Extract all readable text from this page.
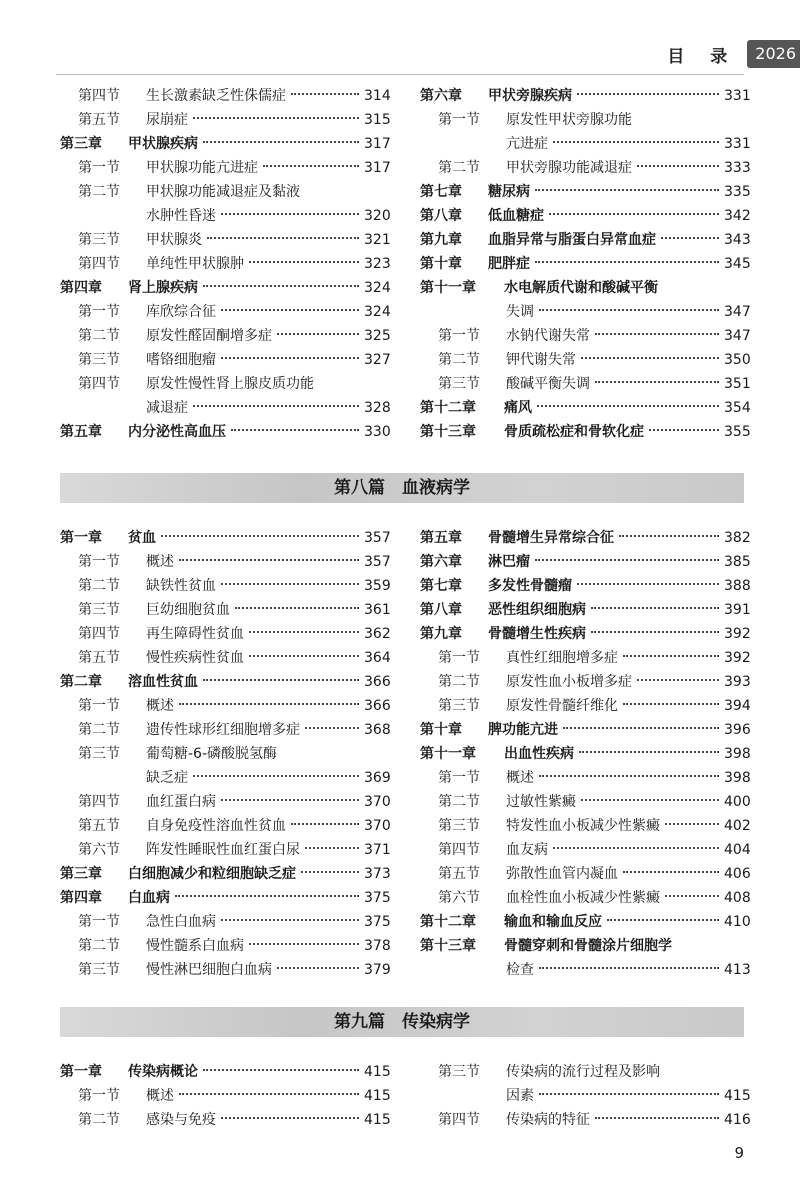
目 录	2026
第四节	生长激素缺乏性侏儒症	314
第五节	尿崩症	315
第三章	甲状腺疾病	317
第一节	甲状腺功能亢进症	317
第二节	甲状腺功能减退症及黏液
水肿性昏迷	320
第三节	甲状腺炎	321
第四节	单纯性甲状腺肿	323
第四章	肾上腺疾病	324
第一节	库欣综合征	324
第二节	原发性醛固酮增多症	325
第三节	嗜铬细胞瘤	327
第四节	原发性慢性肾上腺皮质功能
减退症	328
第五章	内分泌性高血压	330
第六章	甲状旁腺疾病	331
第一节	原发性甲状旁腺功能
亢进症	331
第二节	甲状旁腺功能减退症	333
第七章	糖尿病	335
第八章	低血糖症	342
第九章	血脂异常与脂蛋白异常血症	343
第十章	肥胖症	345
第十一章	水电解质代谢和酸碱平衡
失调	347
第一节	水钠代谢失常	347
第二节	钾代谢失常	350
第三节	酸碱平衡失调	351
第十二章	痛风	354
第十三章	骨质疏松症和骨软化症	355
第八篇　血液病学
第一章	贫血	357
第一节	概述	357
第二节	缺铁性贫血	359
第三节	巨幼细胞贫血	361
第四节	再生障碍性贫血	362
第五节	慢性疾病性贫血	364
第二章	溶血性贫血	366
第一节	概述	366
第二节	遗传性球形红细胞增多症	368
第三节	葡萄糖-6-磷酸脱氢酶
缺乏症	369
第四节	血红蛋白病	370
第五节	自身免疫性溶血性贫血	370
第六节	阵发性睡眠性血红蛋白尿	371
第三章	白细胞减少和粒细胞缺乏症	373
第四章	白血病	375
第一节	急性白血病	375
第二节	慢性髓系白血病	378
第三节	慢性淋巴细胞白血病	379
第五章	骨髓增生异常综合征	382
第六章	淋巴瘤	385
第七章	多发性骨髓瘤	388
第八章	恶性组织细胞病	391
第九章	骨髓增生性疾病	392
第一节	真性红细胞增多症	392
第二节	原发性血小板增多症	393
第三节	原发性骨髓纤维化	394
第十章	脾功能亢进	396
第十一章	出血性疾病	398
第一节	概述	398
第二节	过敏性紫癜	400
第三节	特发性血小板减少性紫癜	402
第四节	血友病	404
第五节	弥散性血管内凝血	406
第六节	血栓性血小板减少性紫癜	408
第十二章	输血和输血反应	410
第十三章	骨髓穿刺和骨髓涂片细胞学
检查	413
第九篇　传染病学
第一章	传染病概论	415
第一节	概述	415
第二节	感染与免疫	415
第三节	传染病的流行过程及影响
因素	415
第四节	传染病的特征	416
9
